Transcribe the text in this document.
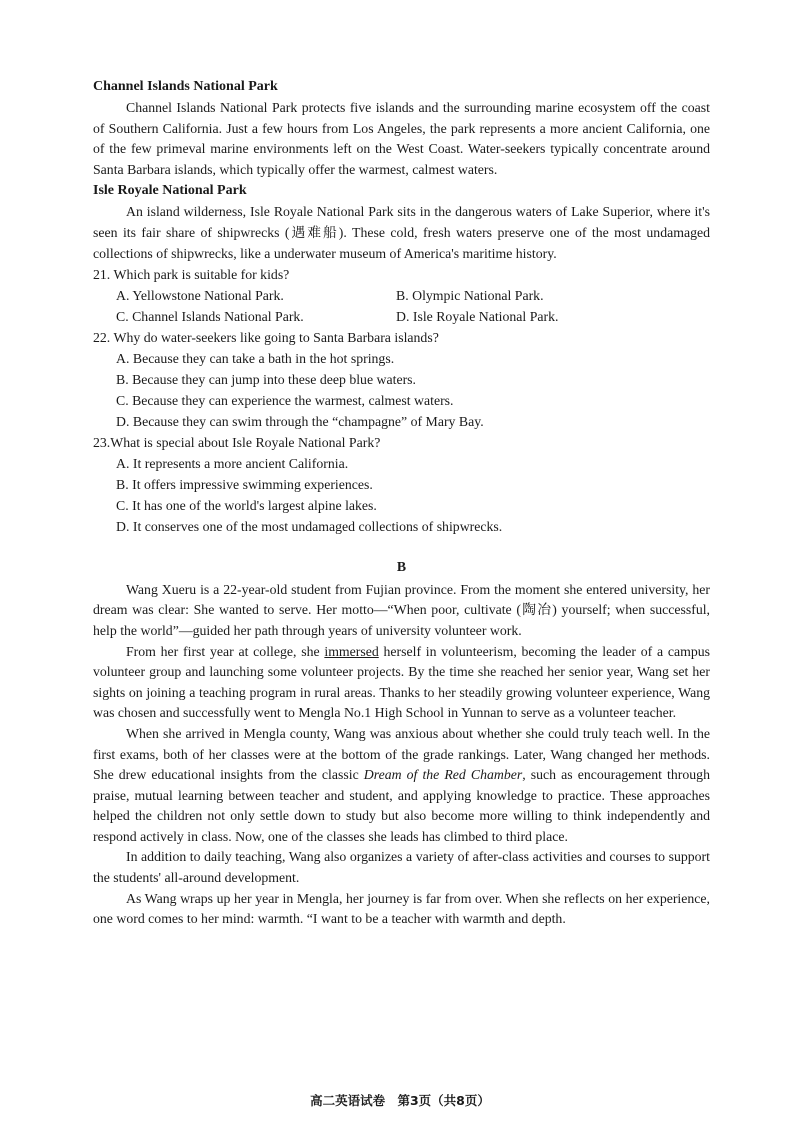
Channel Islands National Park

Channel Islands National Park protects five islands and the surrounding marine ecosystem off the coast of Southern California. Just a few hours from Los Angeles, the park represents a more ancient California, one of the few primeval marine environments left on the West Coast. Water-seekers typically concentrate around Santa Barbara islands, which typically offer the warmest, calmest waters.

Isle Royale National Park

An island wilderness, Isle Royale National Park sits in the dangerous waters of Lake Superior, where it's seen its fair share of shipwrecks (遇难船). These cold, fresh waters preserve one of the most undamaged collections of shipwrecks, like a underwater museum of America's maritime history.

21. Which park is suitable for kids?
A. Yellowstone National Park.	B. Olympic National Park.
C. Channel Islands National Park.	D. Isle Royale National Park.
22. Why do water-seekers like going to Santa Barbara islands?
A. Because they can take a bath in the hot springs.
B. Because they can jump into these deep blue waters.
C. Because they can experience the warmest, calmest waters.
D. Because they can swim through the “champagne” of Mary Bay.
23.What is special about Isle Royale National Park?
A. It represents a more ancient California.
B. It offers impressive swimming experiences.
C. It has one of the world's largest alpine lakes.
D. It conserves one of the most undamaged collections of shipwrecks.
B

Wang Xueru is a 22-year-old student from Fujian province. From the moment she entered university, her dream was clear: She wanted to serve. Her motto—“When poor, cultivate (陶冶) yourself; when successful, help the world”—guided her path through years of university volunteer work.

From her first year at college, she immersed herself in volunteerism, becoming the leader of a campus volunteer group and launching some volunteer projects. By the time she reached her senior year, Wang set her sights on joining a teaching program in rural areas. Thanks to her steadily growing volunteer experience, Wang was chosen and successfully went to Mengla No.1 High School in Yunnan to serve as a volunteer teacher.

When she arrived in Mengla county, Wang was anxious about whether she could truly teach well. In the first exams, both of her classes were at the bottom of the grade rankings. Later, Wang changed her methods. She drew educational insights from the classic Dream of the Red Chamber, such as encouragement through praise, mutual learning between teacher and student, and applying knowledge to practice. These approaches helped the children not only settle down to study but also become more willing to think independently and respond actively in class. Now, one of the classes she leads has climbed to third place.

In addition to daily teaching, Wang also organizes a variety of after-class activities and courses to support the students' all-around development.

As Wang wraps up her year in Mengla, her journey is far from over. When she reflects on her experience, one word comes to her mind: warmth. “I want to be a teacher with warmth and depth.

高二英语试卷 第3页（共8页）
